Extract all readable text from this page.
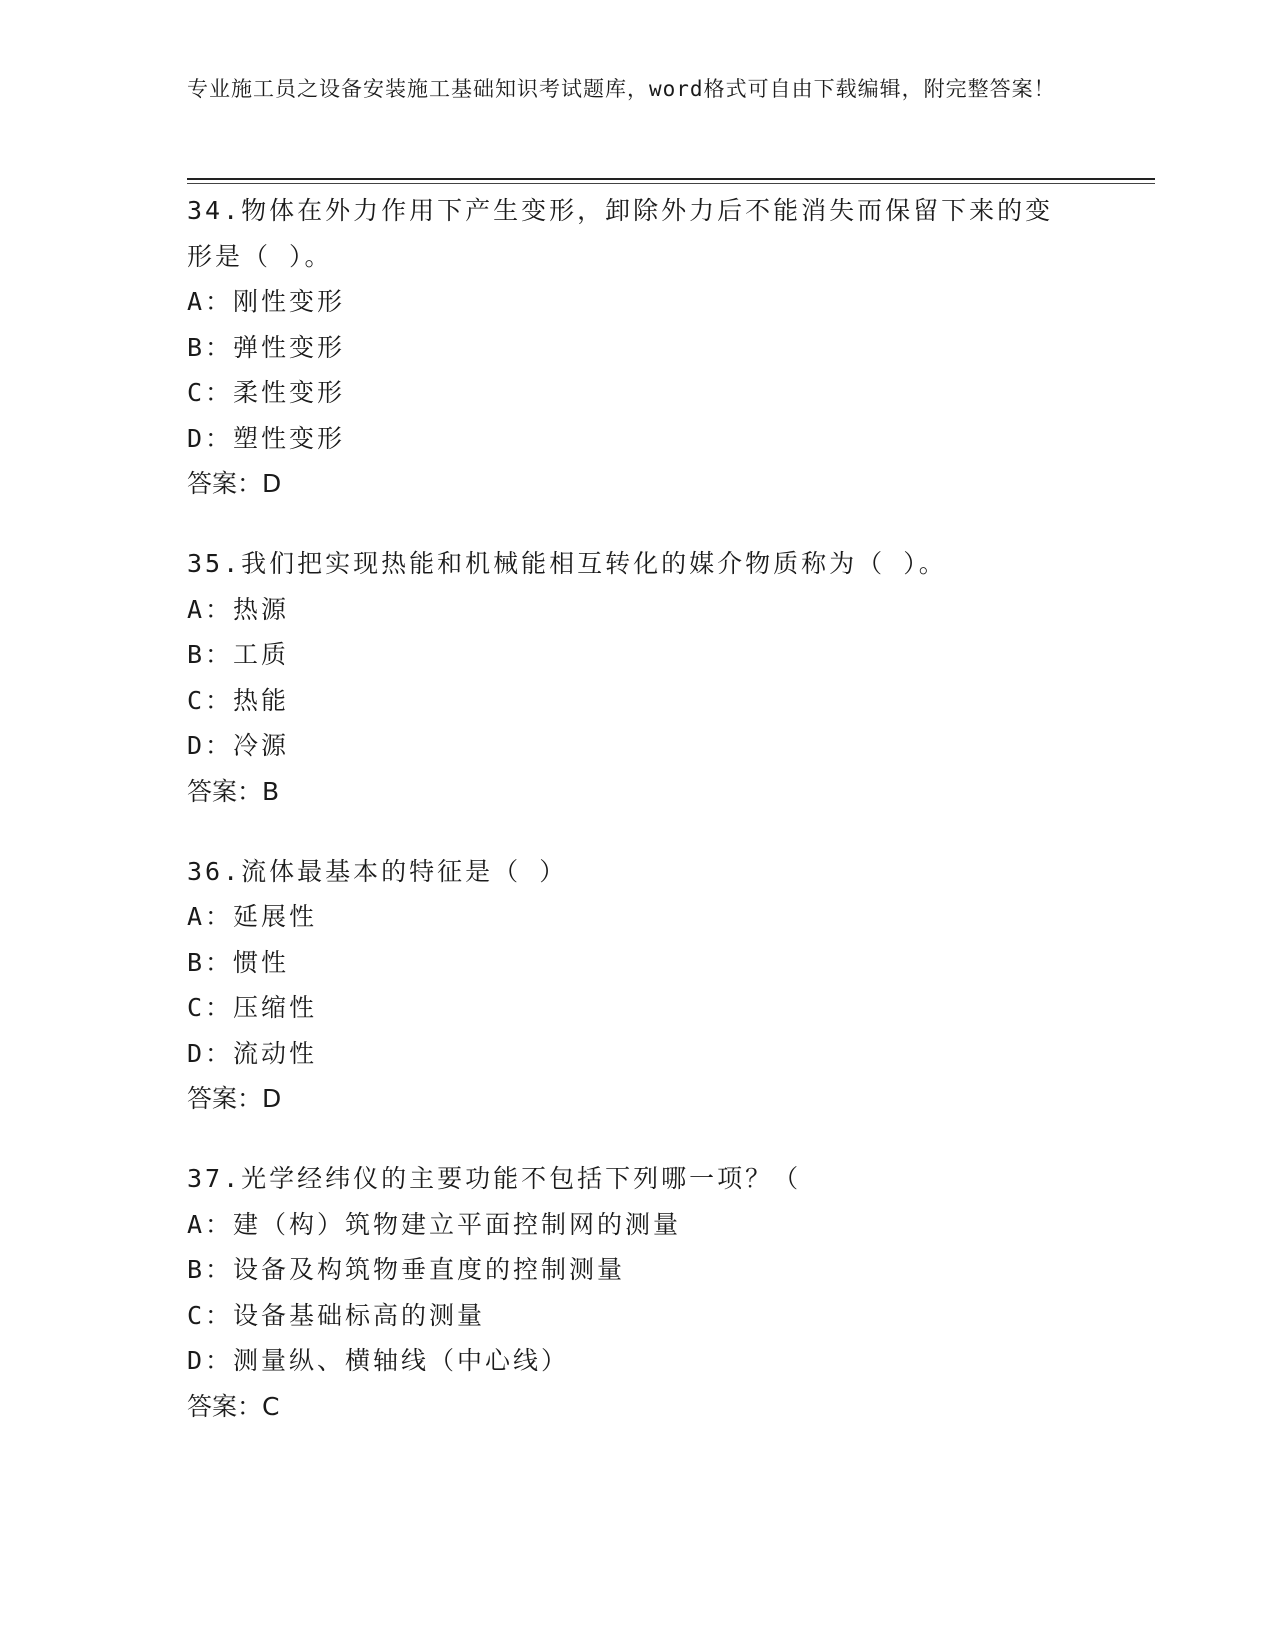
专业施工员之设备安装施工基础知识考试题库，word格式可自由下载编辑，附完整答案！
34.物体在外力作用下产生变形，卸除外力后不能消失而保留下来的变形是（ ）。
A：刚性变形
B：弹性变形
C：柔性变形
D：塑性变形
答案：D
35.我们把实现热能和机械能相互转化的媒介物质称为（ ）。
A：热源
B：工质
C：热能
D：冷源
答案：B
36.流体最基本的特征是（ ）
A：延展性
B：惯性
C：压缩性
D：流动性
答案：D
37.光学经纬仪的主要功能不包括下列哪一项？（
A：建（构）筑物建立平面控制网的测量
B：设备及构筑物垂直度的控制测量
C：设备基础标高的测量
D：测量纵、横轴线（中心线）
答案：C
